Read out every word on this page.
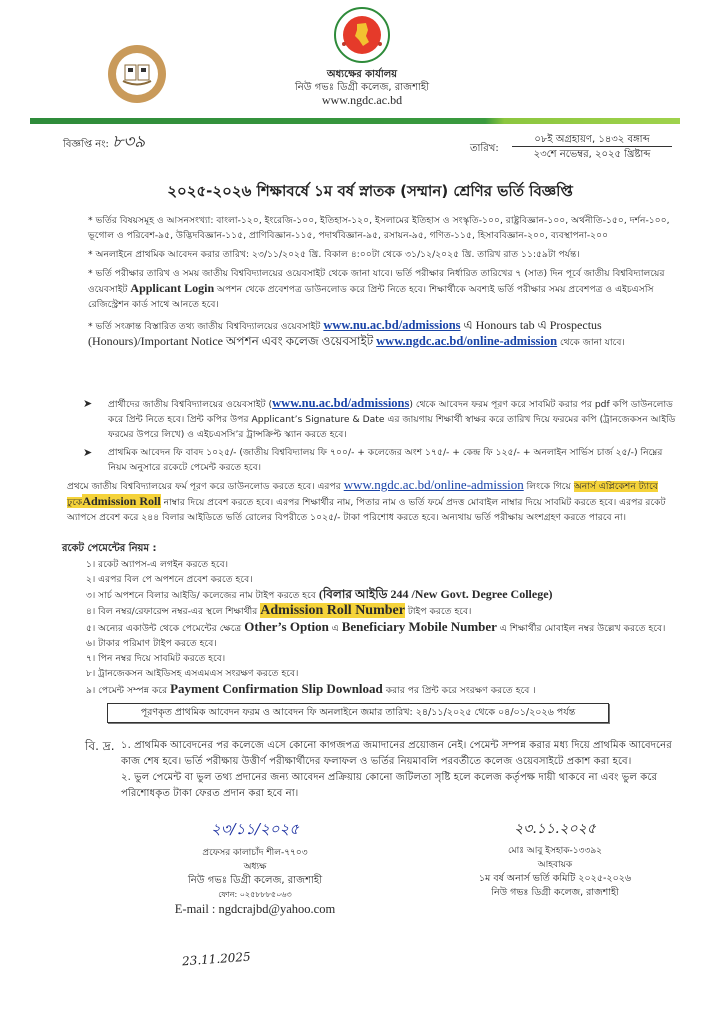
অধ্যক্ষের কার্যালয়
নিউ গভঃ ডিগ্রী কলেজ, রাজশাহী
www.ngdc.ac.bd
বিজ্ঞপ্তি নং: ৮৩৯	তারিখ:
০৮ই অগ্রহায়ণ, ১৪৩২ বঙ্গাব্দ
২৩শে নভেম্বর, ২০২৫ খ্রিষ্টাব্দ
২০২৫-২০২৬ শিক্ষাবর্ষে ১ম বর্ষ স্নাতক (সম্মান) শ্রেণির ভর্তি বিজ্ঞপ্তি
* ভর্তির বিষয়সমূহ ও আসনসংখ্যা: বাংলা-১২০, ইংরেজি-১০০, ইতিহাস-১২০, ইসলামের ইতিহাস ও সংস্কৃতি-১০০, রাষ্ট্রবিজ্ঞান-১০০, অর্থনীতি-১৫০, দর্শন-১০০, ভূগোল ও পরিবেশ-৯৫, উদ্ভিদবিজ্ঞান-১১৫, প্রাণিবিজ্ঞান-১১৫, পদার্থবিজ্ঞান-৯৫, রসায়ন-৯৫, গণিত-১১৫, হিসাববিজ্ঞান-২০০, ব্যবস্থাপনা-২০০
* অনলাইনে প্রাথমিক আবেদন করার তারিখ: ২৩/১১/২০২৫ খ্রি. বিকাল ৪:০০টা থেকে ৩১/১২/২০২৫ খ্রি. তারিখ রাত ১১:৫৯টা পর্যন্ত।
* ভর্তি পরীক্ষার তারিখ ও সময় জাতীয় বিশ্ববিদ্যালয়ের ওয়েবসাইট থেকে জানা যাবে। ভর্তি পরীক্ষার নির্ধারিত তারিখের ৭ (সাত) দিন পূর্বে জাতীয় বিশ্ববিদ্যালয়ের ওয়েবসাইট Applicant Login অপশন থেকে প্রবেশপত্র ডাউনলোড করে প্রিন্ট নিতে হবে। শিক্ষার্থীকে অবশ্যই ভর্তি পরীক্ষার সময় প্রবেশপত্র ও এইচএসসি রেজিস্ট্রেশন কার্ড সাথে আনতে হবে।
* ভর্তি সংক্রান্ত বিস্তারিত তথ্য জাতীয় বিশ্ববিদ্যালয়ের ওয়েবসাইট www.nu.ac.bd/admissions এ Honours tab এ Prospectus (Honours)/Important Notice অপশন এবং কলেজ ওয়েবসাইট www.ngdc.ac.bd/online-admission থেকে জানা যাবে।
➤ প্রার্থীদের জাতীয় বিশ্ববিদ্যালয়ের ওয়েবসাইট (www.nu.ac.bd/admissions) থেকে আবেদন ফরম পূরণ করে সাবমিট করার পর pdf কপি ডাউনলোড করে প্রিন্ট নিতে হবে। প্রিন্ট কপির উপর Applicant’s Signature & Date এর জায়গায় শিক্ষার্থী স্বাক্ষর করে তারিখ দিয়ে ফরমের কপি (ট্রানজেকসন আইডি ফরমের উপরে লিখে) ও এইচএসসি’র ট্রান্সক্রিপ্ট স্ক্যান করতে হবে।
➤ প্রাথমিক আবেদন ফি বাবদ ১০২৫/- (জাতীয় বিশ্ববিদ্যালয় ফি ৭০০/- + কলেজের অংশ ১৭৫/- + কেন্দ্র ফি ১২৫/- + অনলাইন সার্ভিস চার্জ ২৫/-) নিম্নের নিয়ম অনুসারে রকেটে পেমেন্ট করতে হবে।
প্রথমে জাতীয় বিশ্ববিদ্যালয়ের ফর্ম পূরণ করে ডাউনলোড করতে হবে। এরপর www.ngdc.ac.bd/online-admission লিংকে গিয়ে অনার্স এপ্লিকেশন ট্যাবে ঢুকেAdmission Roll নাম্বার দিয়ে প্রবেশ করতে হবে। এরপর শিক্ষার্থীর নাম, পিতার নাম ও ভর্তি ফর্মে প্রদত্ত মোবাইল নাম্বার দিয়ে সাবমিট করতে হবে। এরপর রকেট অ্যাপসে প্রবেশ করে ২৪৪ বিলার আইডিতে ভর্তি রোলের বিপরীতে ১০২৫/- টাকা পরিশোধ করতে হবে। অন্যথায় ভর্তি পরীক্ষায় অংশগ্রহণ করতে পারবে না।
রকেট পেমেন্টের নিয়ম :
১। রকেট অ্যাপস-এ লগইন করতে হবে।
২। এরপর বিল পে অপশনে প্রবেশ করতে হবে।
৩। সার্চ অপশনে বিলার আইডি/ কলেজের নাম টাইপ করতে হবে (বিলার আইডি 244 /New Govt. Degree College)
৪। বিল নম্বর/রেফারেন্স নম্বর-এর স্থলে শিক্ষার্থীর Admission Roll Number টাইপ করতে হবে।
৫। অন্যের একাউন্ট থেকে পেমেন্টের ক্ষেত্রে Other’s Option এ Beneficiary Mobile Number এ শিক্ষার্থীর মোবাইল নম্বর উল্লেখ করতে হবে।
৬। টাকার পরিমাণ টাইপ করতে হবে।
৭। পিন নম্বর দিয়ে সাবমিট করতে হবে।
৮। ট্রানজেকসন আইডিসহ এসএমএস সংরক্ষণ করতে হবে।
৯। পেমেন্ট সম্পন্ন করে Payment Confirmation Slip Download করার পর প্রিন্ট করে সংরক্ষণ করতে হবে ।
পূরণকৃত প্রাথমিক আবেদন ফরম ও আবেদন ফি অনলাইনে জমার তারিখ: ২৪/১১/২০২৫ থেকে ০৪/০১/২০২৬ পর্যন্ত
বি. দ্র. ১. প্রাথমিক আবেদনের পর কলেজে এসে কোনো কাগজপত্র জমাদানের প্রয়োজন নেই। পেমেন্ট সম্পন্ন করার মধ্য দিয়ে প্রাথমিক আবেদনের কাজ শেষ হবে। ভর্তি পরীক্ষায় উত্তীর্ণ পরীক্ষার্থীদের ফলাফল ও ভর্তির নিয়মাবলি পরবর্তীতে কলেজ ওয়েবসাইটে প্রকাশ করা হবে।
২. ভুল পেমেন্ট বা ভুল তথ্য প্রদানের জন্য আবেদন প্রক্রিয়ায় কোনো জটিলতা সৃষ্টি হলে কলেজ কর্তৃপক্ষ দায়ী থাকবে না এবং ভুল করে পরিশোধকৃত টাকা ফেরত প্রদান করা হবে না।
২৩/১১/২০২৫
প্রফেসর কালাচাঁদ শীল-৭৭০৩
অধ্যক্ষ
নিউ গভঃ ডিগ্রী কলেজ, রাজশাহী
ফোন: ০২৫৮৮৮৫০৬৩
E-mail : ngdcrajbd@yahoo.com
23.11.2025
২৩.১১.২০২৫
মোঃ আবু ইসহাক-১৩৩৯২
আহবায়ক
১ম বর্ষ অনার্স ভর্তি কমিটি ২০২৫-২০২৬
নিউ গভঃ ডিগ্রী কলেজ, রাজশাহী
